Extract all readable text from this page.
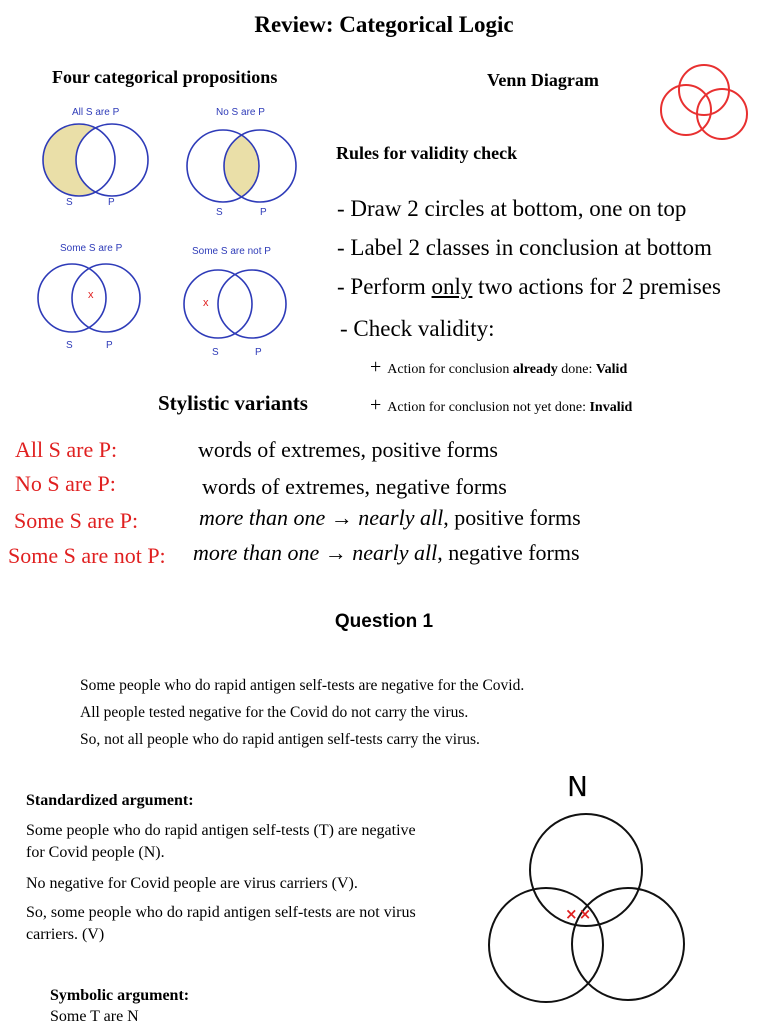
Review: Categorical Logic
Four categorical propositions	Venn Diagram
Rules for validity check
- Draw 2 circles at bottom, one on top
- Label 2 classes in conclusion at bottom
- Perform only two actions for 2 premises
- Check validity:
+ Action for conclusion already done: Valid
+ Action for conclusion not yet done: Invalid
Stylistic variants
All S are P:	words of extremes, positive forms
No S are P:	words of extremes, negative forms
Some S are P:	more than one → nearly all, positive forms
Some S are not P: more than one → nearly all, negative forms
Question 1
Some people who do rapid antigen self-tests are negative for the Covid.
All people tested negative for the Covid do not carry the virus.
So, not all people who do rapid antigen self-tests carry the virus.
Standardized argument:
Some people who do rapid antigen self-tests (T) are negative for Covid people (N).
No negative for Covid people are virus carriers (V).
So, some people who do rapid antigen self-tests are not virus carriers. (V)
Symbolic argument:
Some T are N
All S are P	No S are P
Some S are P	Some S are not P
S	P
S	P
S	P
S	P
x
x
N
× ×
